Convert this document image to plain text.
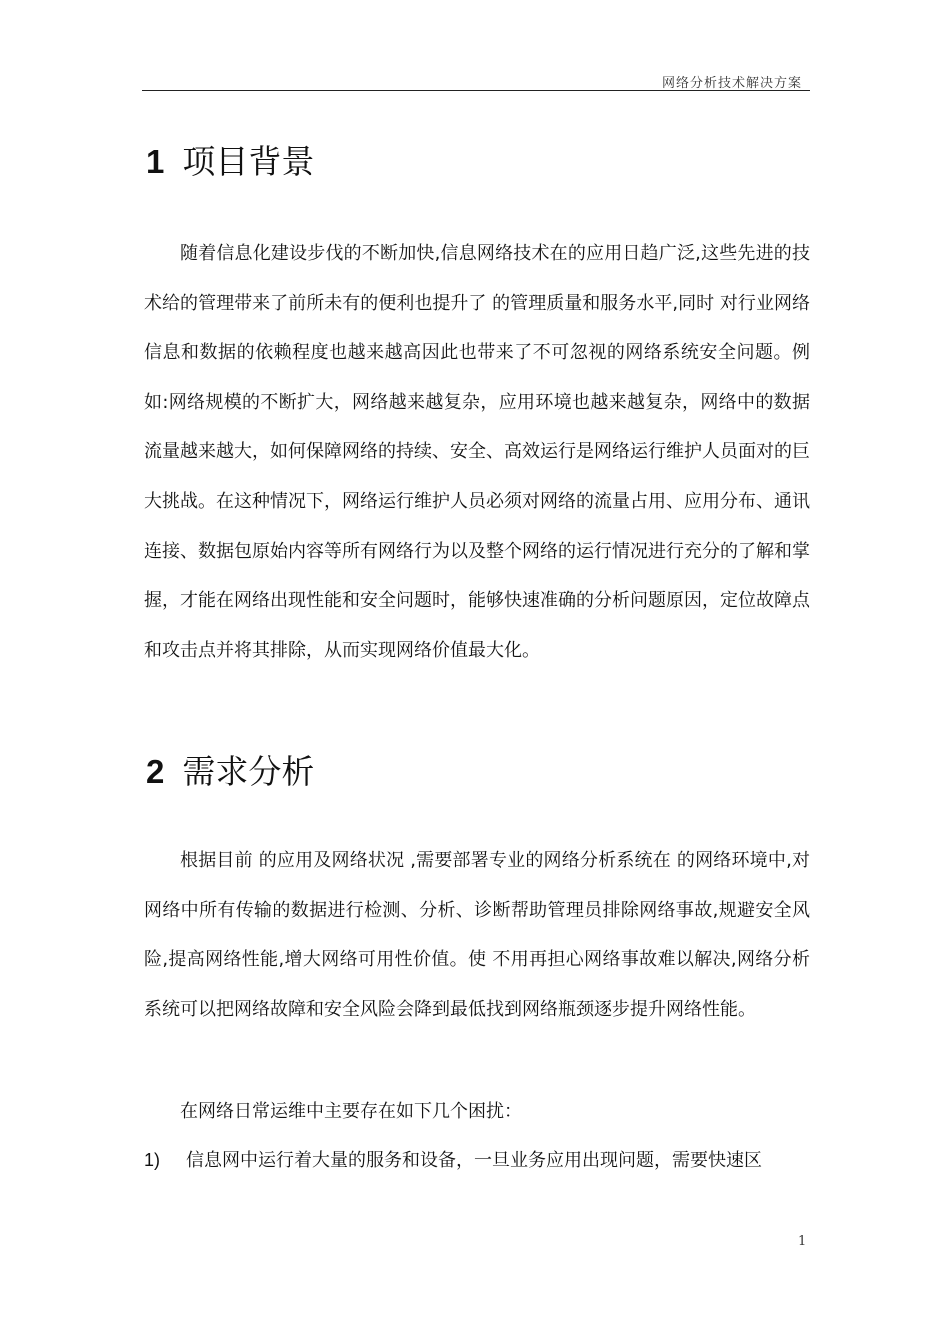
网络分析技术解决方案
1 项目背景

随着信息化建设步伐的不断加快,信息网络技术在的应用日趋广泛,这些先进的技术给的管理带来了前所未有的便利也提升了 的管理质量和服务水平,同时 对行业网络信息和数据的依赖程度也越来越高因此也带来了不可忽视的网络系统安全问题。例如:网络规模的不断扩大，网络越来越复杂，应用环境也越来越复杂，网络中的数据流量越来越大，如何保障网络的持续、安全、高效运行是网络运行维护人员面对的巨大挑战。在这种情况下，网络运行维护人员必须对网络的流量占用、应用分布、通讯连接、数据包原始内容等所有网络行为以及整个网络的运行情况进行充分的了解和掌握，才能在网络出现性能和安全问题时，能够快速准确的分析问题原因，定位故障点和攻击点并将其排除，从而实现网络价值最大化。

2 需求分析

根据目前 的应用及网络状况 ,需要部署专业的网络分析系统在 的网络环境中,对网络中所有传输的数据进行检测、分析、诊断帮助管理员排除网络事故,规避安全风险,提高网络性能,增大网络可用性价值。使 不用再担心网络事故难以解决,网络分析系统可以把网络故障和安全风险会降到最低找到网络瓶颈逐步提升网络性能。

在网络日常运维中主要存在如下几个困扰：

1) 信息网中运行着大量的服务和设备，一旦业务应用出现问题，需要快速区
1
